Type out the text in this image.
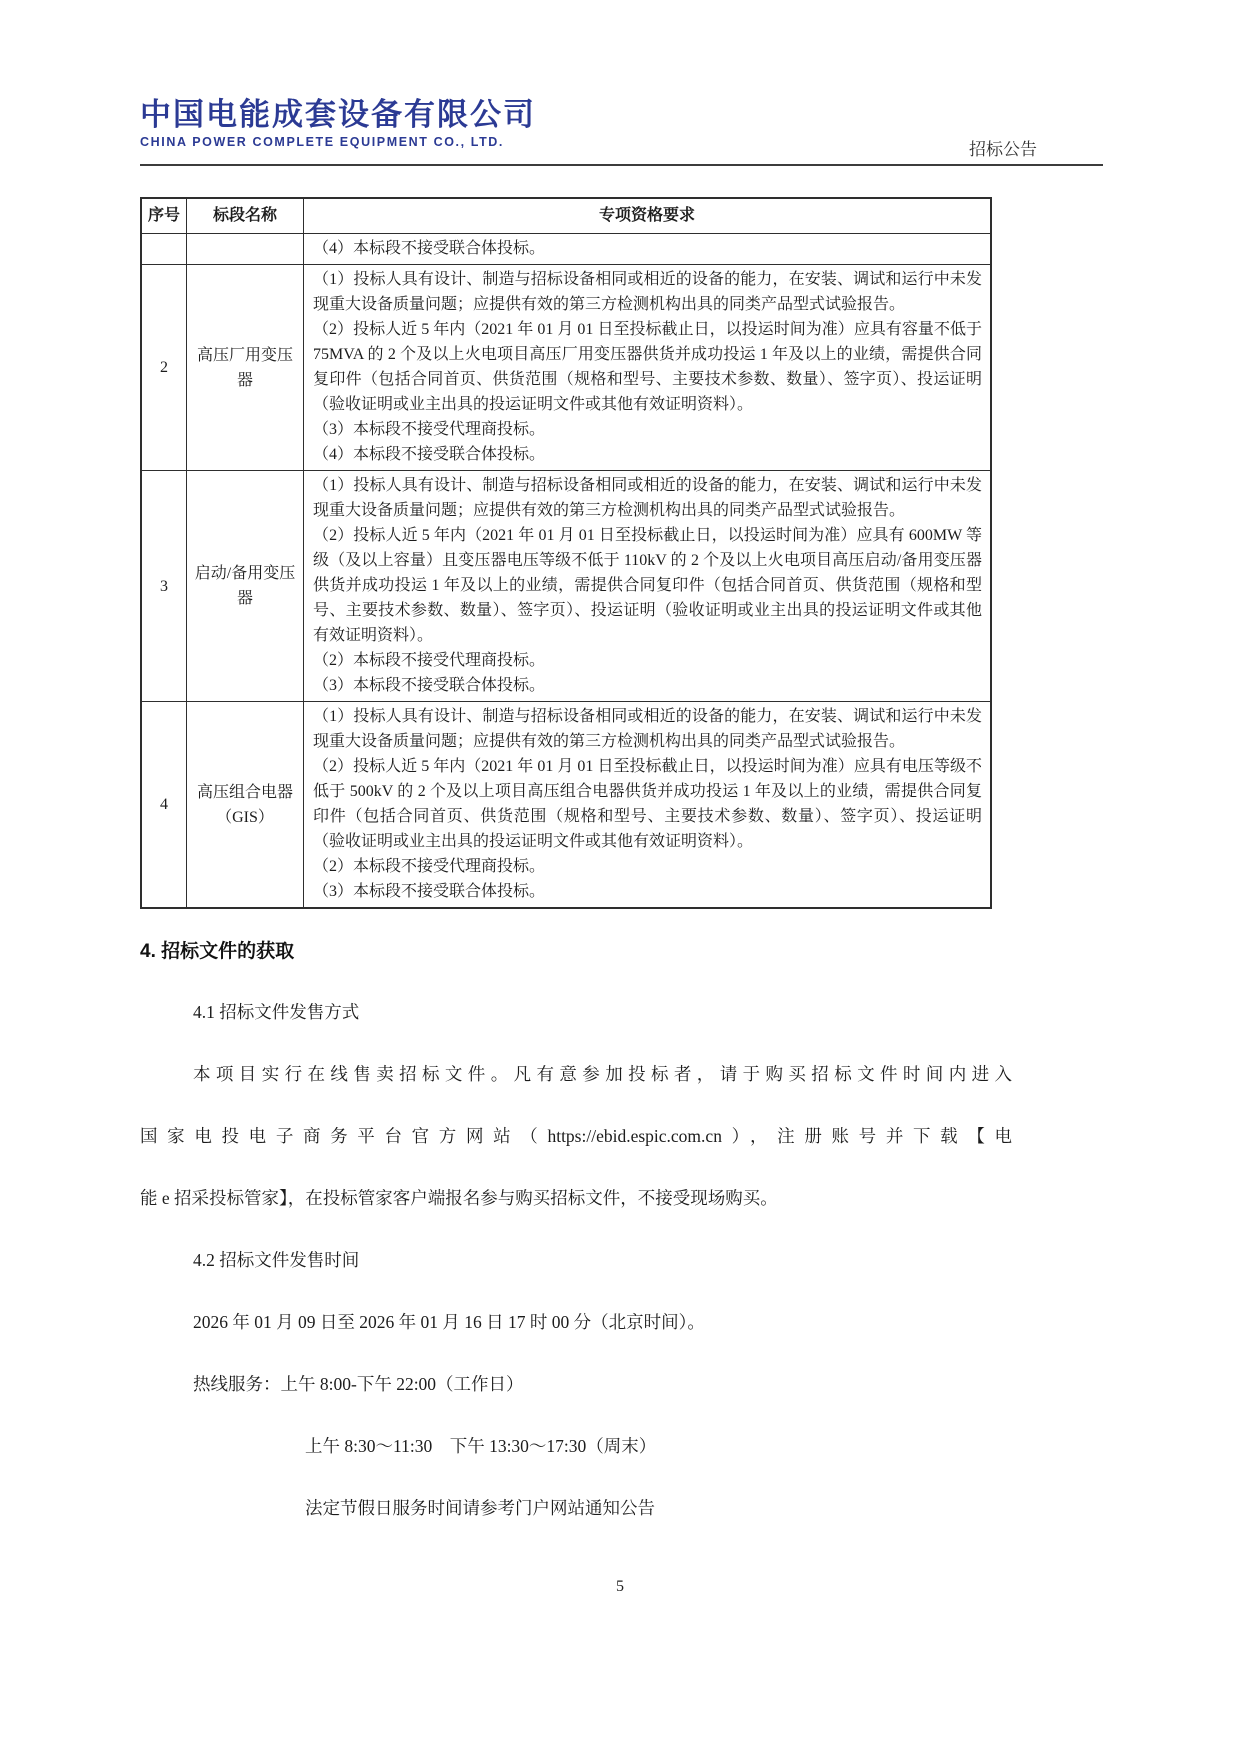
中国电能成套设备有限公司
CHINA POWER COMPLETE EQUIPMENT CO., LTD.	招标公告
序号	标段名称	专项资格要求

		（4）本标段不接受联合体投标。

2	高压厂用变压器	（1）投标人具有设计、制造与招标设备相同或相近的设备的能力，在安装、调试和运行中未发现重大设备质量问题；应提供有效的第三方检测机构出具的同类产品型式试验报告。

（2）投标人近 5 年内（2021 年 01 月 01 日至投标截止日，以投运时间为准）应具有容量不低于 75MVA 的 2 个及以上火电项目高压厂用变压器供货并成功投运 1 年及以上的业绩，需提供合同复印件（包括合同首页、供货范围（规格和型号、主要技术参数、数量）、签字页）、投运证明（验收证明或业主出具的投运证明文件或其他有效证明资料）。

（3）本标段不接受代理商投标。

（4）本标段不接受联合体投标。

3	启动/备用变压器	（1）投标人具有设计、制造与招标设备相同或相近的设备的能力，在安装、调试和运行中未发现重大设备质量问题；应提供有效的第三方检测机构出具的同类产品型式试验报告。

（2）投标人近 5 年内（2021 年 01 月 01 日至投标截止日，以投运时间为准）应具有 600MW 等级（及以上容量）且变压器电压等级不低于 110kV 的 2 个及以上火电项目高压启动/备用变压器供货并成功投运 1 年及以上的业绩，需提供合同复印件（包括合同首页、供货范围（规格和型号、主要技术参数、数量）、签字页）、投运证明（验收证明或业主出具的投运证明文件或其他有效证明资料）。

（2）本标段不接受代理商投标。

（3）本标段不接受联合体投标。

4	高压组合电器（GIS）	（1）投标人具有设计、制造与招标设备相同或相近的设备的能力，在安装、调试和运行中未发现重大设备质量问题；应提供有效的第三方检测机构出具的同类产品型式试验报告。

（2）投标人近 5 年内（2021 年 01 月 01 日至投标截止日，以投运时间为准）应具有电压等级不低于 500kV 的 2 个及以上项目高压组合电器供货并成功投运 1 年及以上的业绩，需提供合同复印件（包括合同首页、供货范围（规格和型号、主要技术参数、数量）、签字页）、投运证明（验收证明或业主出具的投运证明文件或其他有效证明资料）。

（2）本标段不接受代理商投标。

（3）本标段不接受联合体投标。

4. 招标文件的获取

4.1 招标文件发售方式

本项目实行在线售卖招标文件。凡有意参加投标者，请于购买招标文件时间内进入

国家电投电子商务平台官方网站（https://ebid.espic.com.cn），注册账号并下载【电

能 e 招采投标管家】，在投标管家客户端报名参与购买招标文件，不接受现场购买。

4.2 招标文件发售时间

2026 年 01 月 09 日至 2026 年 01 月 16 日 17 时 00 分（北京时间）。

热线服务：上午 8:00-下午 22:00（工作日）

上午 8:30～11:30　下午 13:30～17:30（周末）

法定节假日服务时间请参考门户网站通知公告

5
